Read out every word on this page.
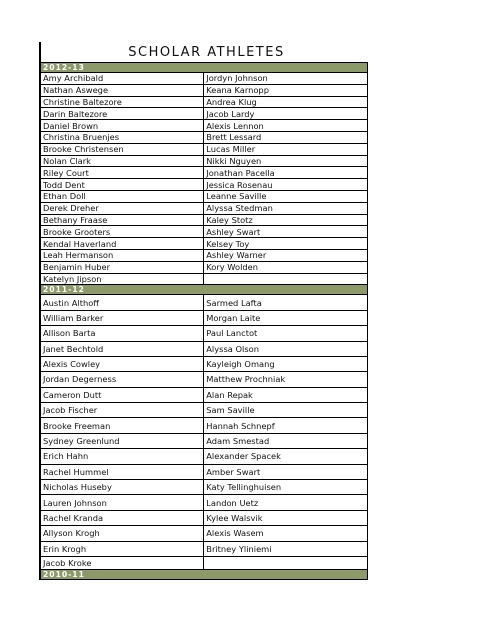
SCHOLAR ATHLETES
2012-13	
Amy Archibald	Jordyn Johnson
Nathan Aswege	Keana Karnopp
Christine Baltezore	Andrea Klug
Darin Baltezore	Jacob Lardy
Daniel Brown	Alexis Lennon
Christina Bruenjes	Brett Lessard
Brooke Christensen	Lucas Miller
Nolan Clark	Nikki Nguyen
Riley Court	Jonathan Pacella
Todd Dent	Jessica Rosenau
Ethan Doll	Leanne Saville
Derek Dreher	Alyssa Stedman
Bethany Fraase	Kaley Stotz
Brooke Grooters	Ashley Swart
Kendal Haverland	Kelsey Toy
Leah Hermanson	Ashley Warner
Benjamin Huber	Kory Wolden
Katelyn Jipson	
2011-12	
Austin Althoff	Sarmed Lafta
William Barker	Morgan Laite
Allison Barta	Paul Lanctot
Janet Bechtold	Alyssa Olson
Alexis Cowley	Kayleigh Omang
Jordan Degerness	Matthew Prochniak
Cameron Dutt	Alan Repak
Jacob Fischer	Sam Saville
Brooke Freeman	Hannah Schnepf
Sydney Greenlund	Adam Smestad
Erich Hahn	Alexander Spacek
Rachel Hummel	Amber Swart
Nicholas Huseby	Katy Tellinghuisen
Lauren Johnson	Landon Uetz
Rachel Kranda	Kylee Walsvik
Allyson Krogh	Alexis Wasem
Erin Krogh	Britney Yliniemi
Jacob Kroke	
2010-11	
